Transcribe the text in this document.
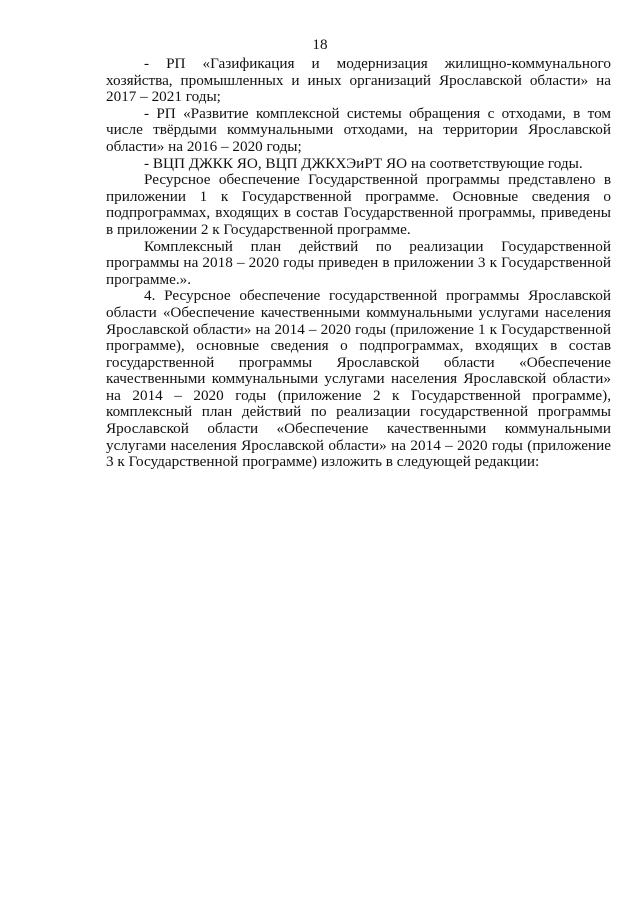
18

- РП «Газификация и модернизация жилищно-коммунального хозяйства, промышленных и иных организаций Ярославской области» на 2017 – 2021 годы;

- РП «Развитие комплексной системы обращения с отходами, в том числе твёрдыми коммунальными отходами, на территории Ярославской области» на 2016 – 2020 годы;

- ВЦП ДЖКК ЯО, ВЦП ДЖКХЭиРТ ЯО на соответствующие годы.

Ресурсное обеспечение Государственной программы представлено в приложении 1 к Государственной программе. Основные сведения о подпрограммах, входящих в состав Государственной программы, приведены в приложении 2 к Государственной программе.

Комплексный план действий по реализации Государственной программы на 2018 – 2020 годы приведен в приложении 3 к Государственной программе.».

4. Ресурсное обеспечение государственной программы Ярославской области «Обеспечение качественными коммунальными услугами населения Ярославской области» на 2014 – 2020 годы (приложение 1 к Государственной программе), основные сведения о подпрограммах, входящих в состав государственной программы Ярославской области «Обеспечение качественными коммунальными услугами населения Ярославской области» на 2014 – 2020 годы (приложение 2 к Государственной программе), комплексный план действий по реализации государственной программы Ярославской области «Обеспечение качественными коммунальными услугами населения Ярославской области» на 2014 – 2020 годы (приложение 3 к Государственной программе) изложить в следующей редакции:
